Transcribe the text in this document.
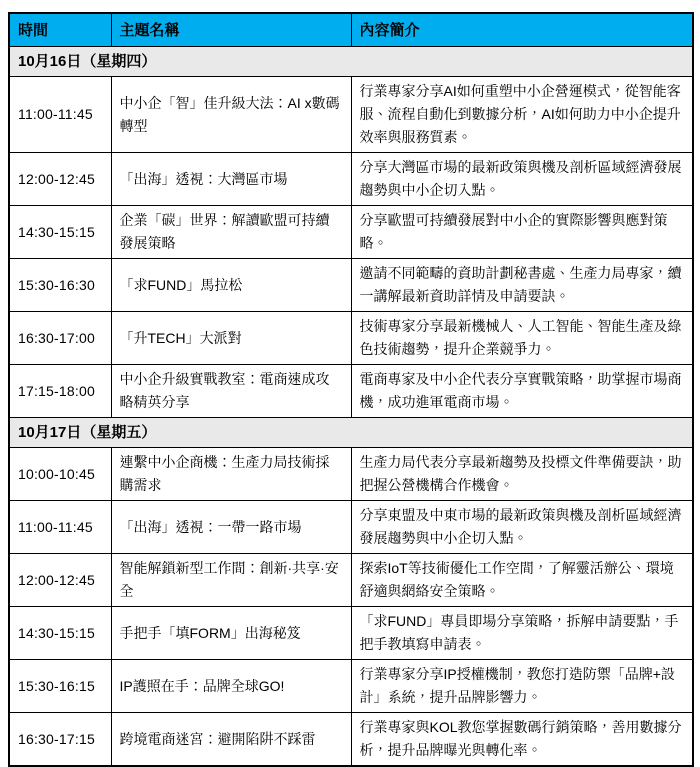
時間	主題名稱	內容簡介
10月16日（星期四）		
11:00-11:45	中小企「智」佳升級大法：AI x數碼轉型	行業專家分享AI如何重塑中小企營運模式，從智能客服、流程自動化到數據分析，AI如何助力中小企提升效率與服務質素。
12:00-12:45	「出海」透視：大灣區市場	分享大灣區市場的最新政策與機及剖析區域經濟發展趨勢與中小企切入點。
14:30-15:15	企業「碳」世界：解讀歐盟可持續發展策略	分享歐盟可持續發展對中小企的實際影響與應對策略。
15:30-16:30	「求FUND」馬拉松	邀請不同範疇的資助計劃秘書處、生產力局專家，續一講解最新資助詳情及申請要訣。
16:30-17:00	「升TECH」大派對	技術專家分享最新機械人、人工智能、智能生產及綠色技術趨勢，提升企業競爭力。
17:15-18:00	中小企升級實戰教室：電商速成攻略精英分享	電商專家及中小企代表分享實戰策略，助掌握市場商機，成功進軍電商市場。
10月17日（星期五）		
10:00-10:45	連繫中小企商機：生產力局技術採購需求	生產力局代表分享最新趨勢及投標文件準備要訣，助把握公營機構合作機會。
11:00-11:45	「出海」透視：一帶一路市場	分享東盟及中東市場的最新政策與機及剖析區域經濟發展趨勢與中小企切入點。
12:00-12:45	智能解鎖新型工作間：創新·共享·安全	探索IoT等技術優化工作空間，了解靈活辦公、環境舒適與網絡安全策略。
14:30-15:15	手把手「填FORM」出海秘笈	「求FUND」專員即場分享策略，拆解申請要點，手把手教填寫申請表。
15:30-16:15	IP護照在手：品牌全球GO!	行業專家分享IP授權機制，教您打造防禦「品牌+設計」系統，提升品牌影響力。
16:30-17:15	跨境電商迷宮：避開陷阱不踩雷	行業專家與KOL教您掌握數碼行銷策略，善用數據分析，提升品牌曝光與轉化率。
